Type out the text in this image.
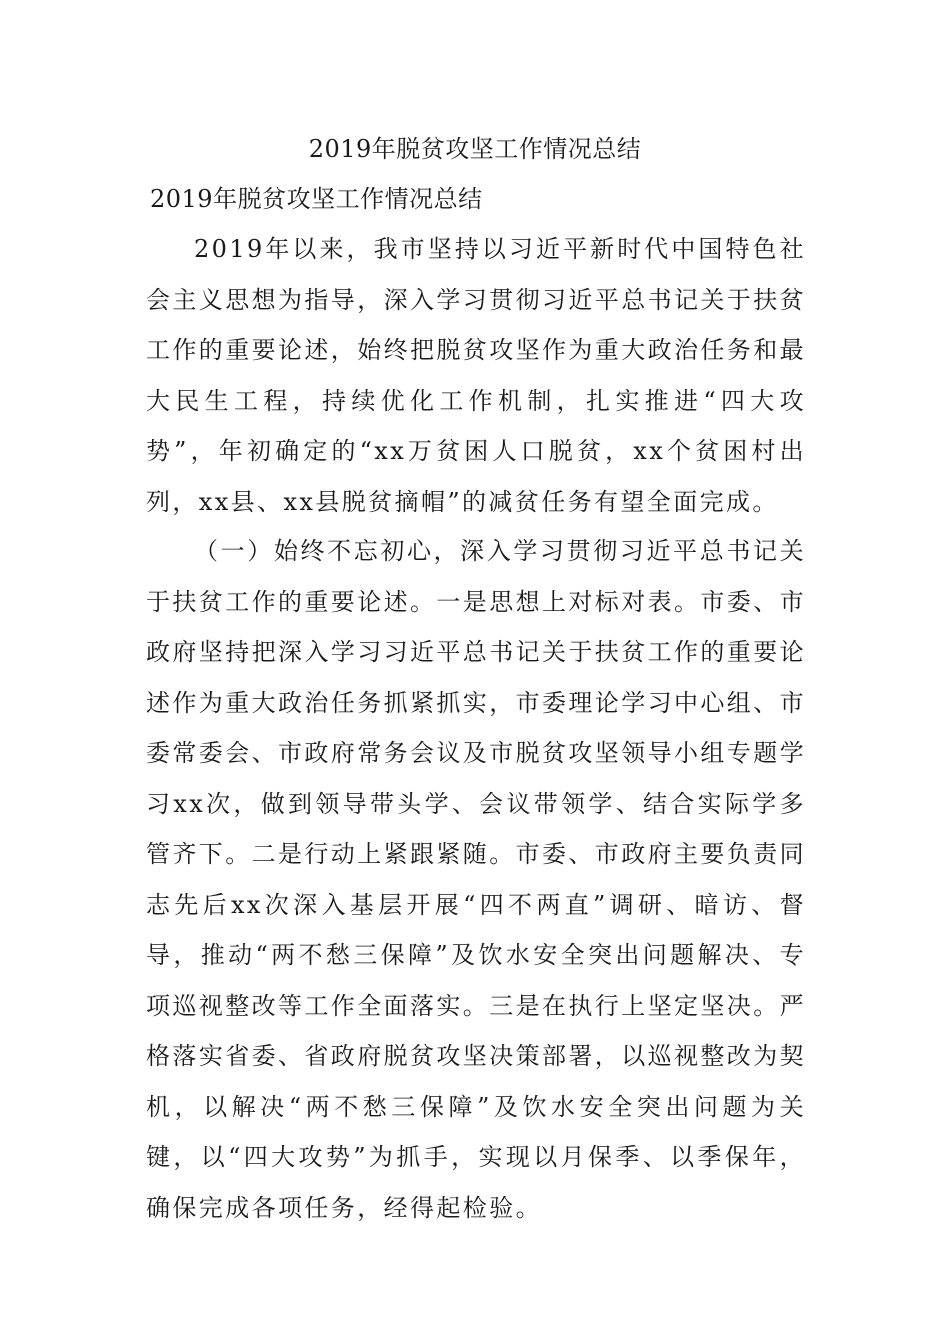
2019年脱贫攻坚工作情况总结
2019年脱贫攻坚工作情况总结

2019年以来，我市坚持以习近平新时代中国特色社会主义思想为指导，深入学习贯彻习近平总书记关于扶贫工作的重要论述，始终把脱贫攻坚作为重大政治任务和最大民生工程，持续优化工作机制，扎实推进“四大攻势”，年初确定的“xx万贫困人口脱贫，xx个贫困村出列，xx县、xx县脱贫摘帽”的减贫任务有望全面完成。

（一）始终不忘初心，深入学习贯彻习近平总书记关于扶贫工作的重要论述。一是思想上对标对表。市委、市政府坚持把深入学习习近平总书记关于扶贫工作的重要论述作为重大政治任务抓紧抓实，市委理论学习中心组、市委常委会、市政府常务会议及市脱贫攻坚领导小组专题学习xx次，做到领导带头学、会议带领学、结合实际学多管齐下。二是行动上紧跟紧随。市委、市政府主要负责同志先后xx次深入基层开展“四不两直”调研、暗访、督导，推动“两不愁三保障”及饮水安全突出问题解决、专项巡视整改等工作全面落实。三是在执行上坚定坚决。严格落实省委、省政府脱贫攻坚决策部署，以巡视整改为契机，以解决“两不愁三保障”及饮水安全突出问题为关键，以“四大攻势”为抓手，实现以月保季、以季保年，确保完成各项任务，经得起检验。
